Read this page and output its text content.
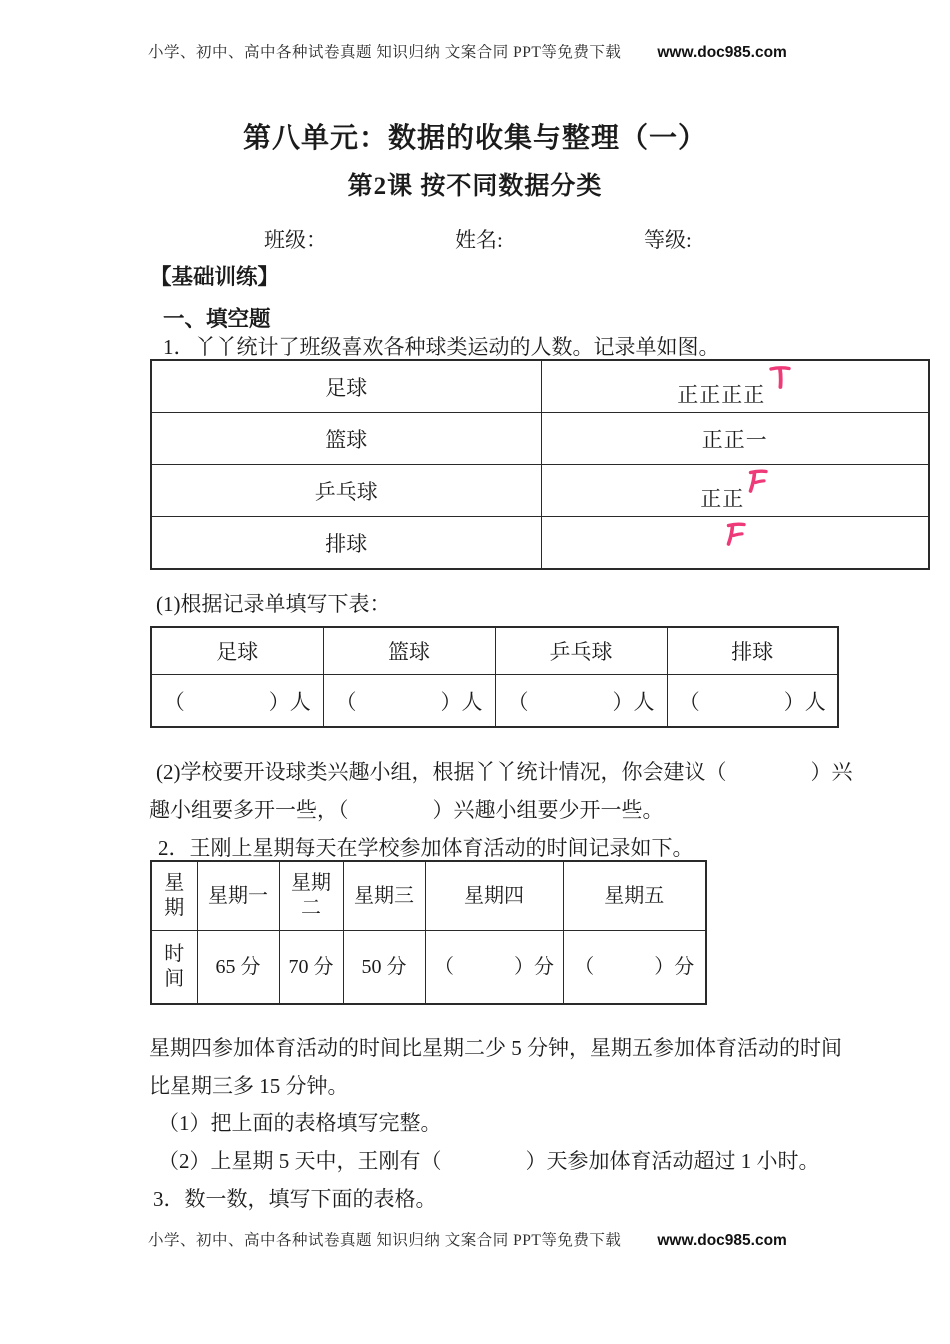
小学、初中、高中各种试卷真题 知识归纳 文案合同 PPT等免费下载 www.doc985.com
第八单元：数据的收集与整理（一）
第2课 按不同数据分类
班级：	姓名:	等级:
【基础训练】
一、填空题
1．丫丫统计了班级喜欢各种球类运动的人数。记录单如图。
足球	正正正正

篮球	正正一
乒乓球	正正

排球	
(1)根据记录单填写下表：
足球	篮球	乒乓球	排球
（　　　　）人	（　　　　）人	（　　　　）人	（　　　　）人
(2)学校要开设球类兴趣小组，根据丫丫统计情况，你会建议（　　　　）兴
趣小组要多开一些，（　　　　）兴趣小组要少开一些。
2．王刚上星期每天在学校参加体育活动的时间记录如下。
星期	星期一	星期二	星期三	星期四	星期五
时间	65 分	70 分	50 分	（　　　）分	（　　　）分
星期四参加体育活动的时间比星期二少 5 分钟，星期五参加体育活动的时间
比星期三多 15 分钟。
（1）把上面的表格填写完整。
（2）上星期 5 天中，王刚有（　　　　）天参加体育活动超过 1 小时。
3．数一数，填写下面的表格。
小学、初中、高中各种试卷真题 知识归纳 文案合同 PPT等免费下载 www.doc985.com
